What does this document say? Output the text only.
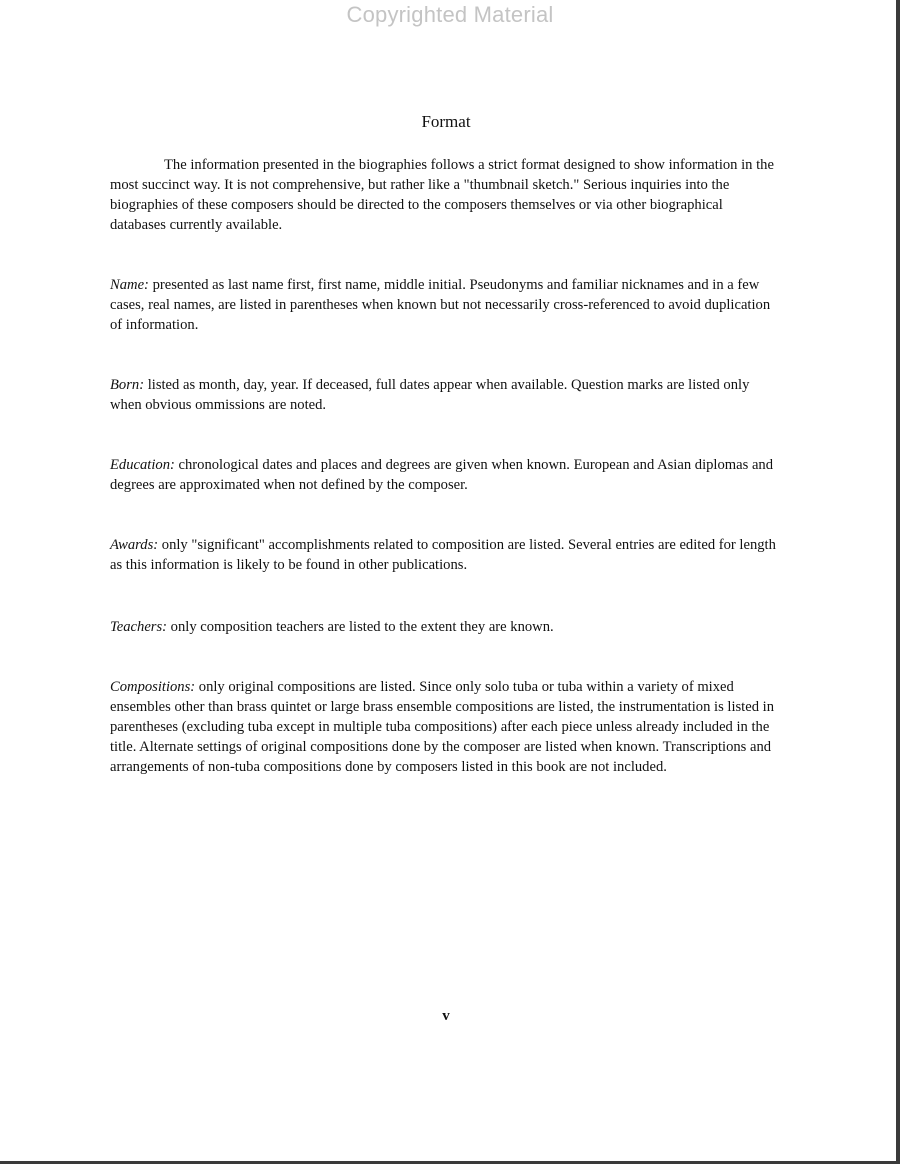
Copyrighted Material
Format

The information presented in the biographies follows a strict format designed to show information in the most succinct way. It is not comprehensive, but rather like a "thumbnail sketch." Serious inquiries into the biographies of these composers should be directed to the composers themselves or via other biographical databases currently available.

Name: presented as last name first, first name, middle initial. Pseudonyms and familiar nicknames and in a few cases, real names, are listed in parentheses when known but not necessarily cross-referenced to avoid duplication of information.

Born: listed as month, day, year. If deceased, full dates appear when available. Question marks are listed only when obvious ommissions are noted.

Education: chronological dates and places and degrees are given when known. European and Asian diplomas and degrees are approximated when not defined by the composer.

Awards: only "significant" accomplishments related to composition are listed. Several entries are edited for length as this information is likely to be found in other publications.

Teachers: only composition teachers are listed to the extent they are known.

Compositions: only original compositions are listed. Since only solo tuba or tuba within a variety of mixed ensembles other than brass quintet or large brass ensemble compositions are listed, the instrumentation is listed in parentheses (excluding tuba except in multiple tuba compositions) after each piece unless already included in the title. Alternate settings of original compositions done by the composer are listed when known. Transcriptions and arrangements of non-tuba compositions done by composers listed in this book are not included.

v
